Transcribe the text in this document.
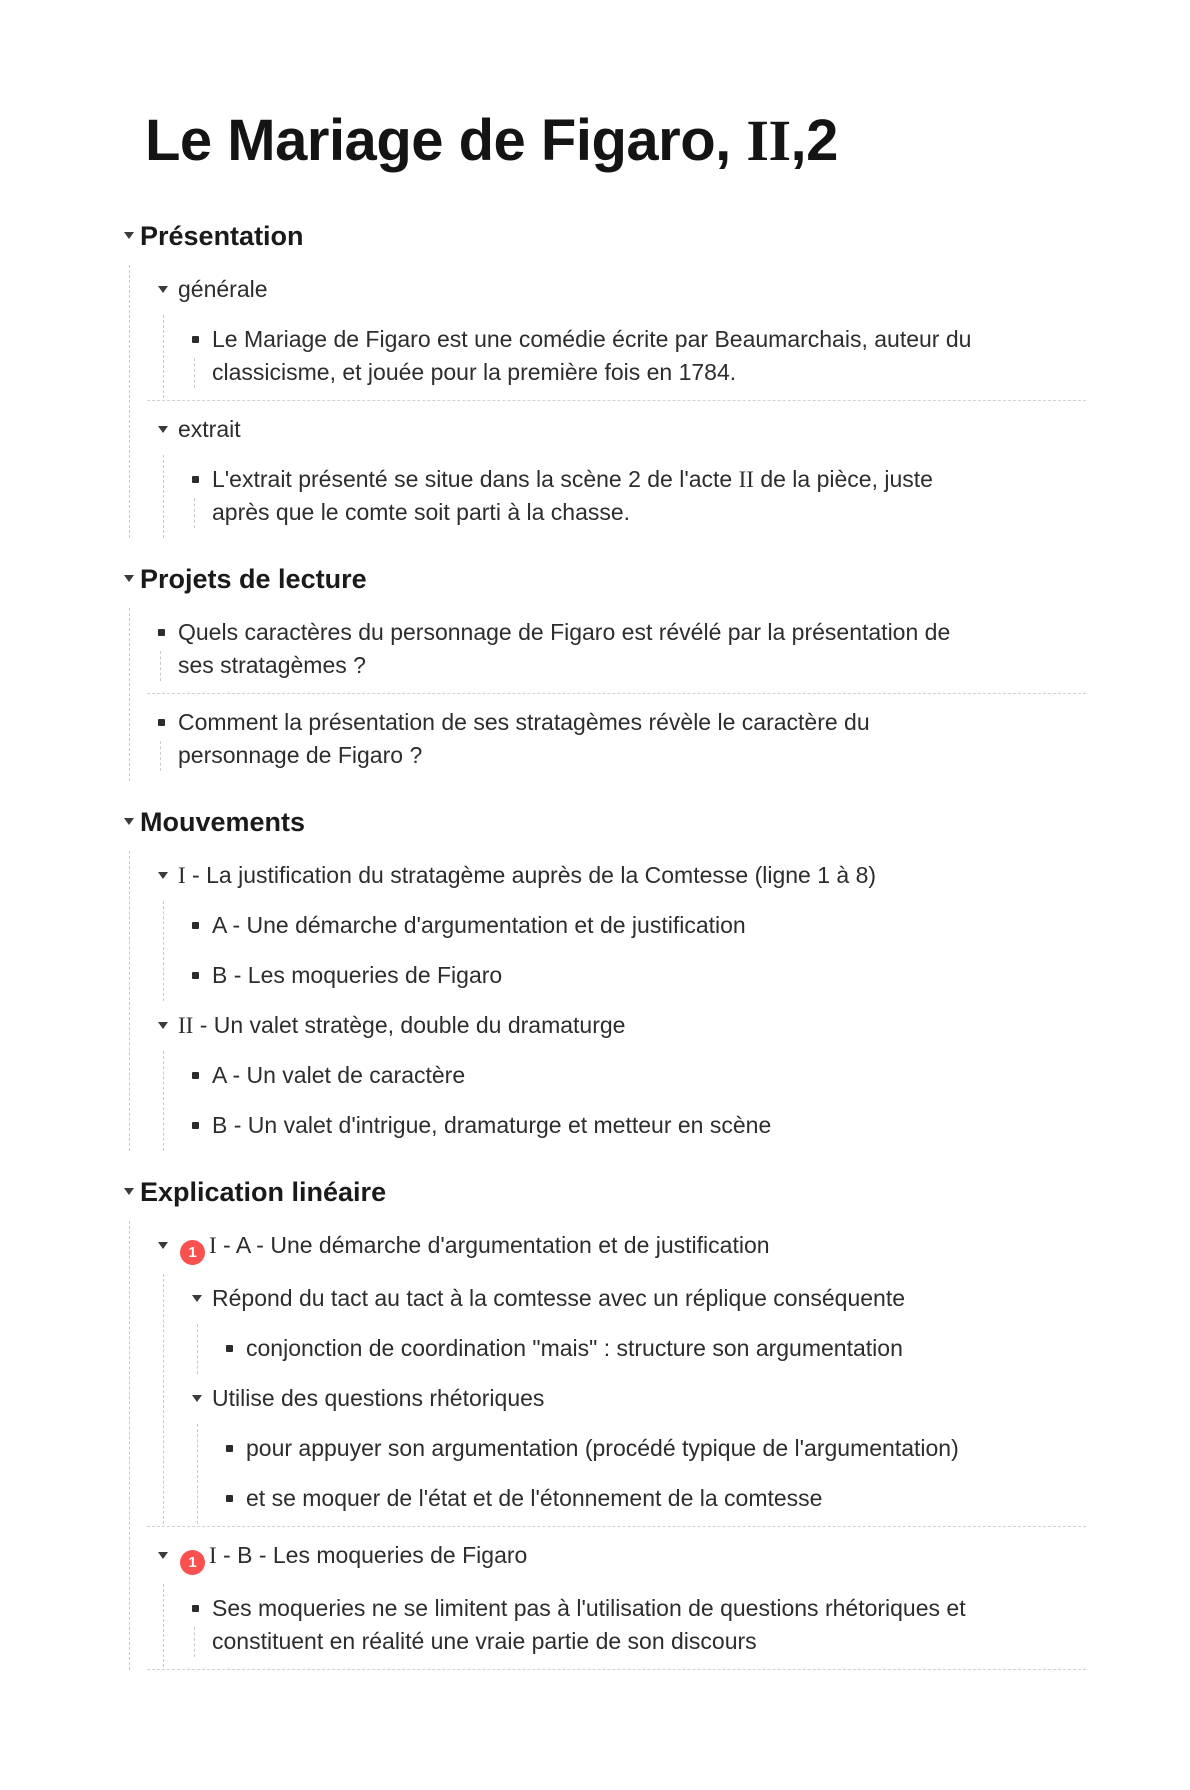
Le Mariage de Figaro, II,2
Présentation
générale
Le Mariage de Figaro est une comédie écrite par Beaumarchais, auteur du
classicisme, et jouée pour la première fois en 1784.
extrait
L'extrait présenté se situe dans la scène 2 de l'acte II de la pièce, juste
après que le comte soit parti à la chasse.
Projets de lecture
Quels caractères du personnage de Figaro est révélé par la présentation de
ses stratagèmes ?
Comment la présentation de ses stratagèmes révèle le caractère du
personnage de Figaro ?
Mouvements
I - La justification du stratagème auprès de la Comtesse (ligne 1 à 8)
A - Une démarche d'argumentation et de justification
B - Les moqueries de Figaro
II - Un valet stratège, double du dramaturge
A - Un valet de caractère
B - Un valet d'intrigue, dramaturge et metteur en scène
Explication linéaire
1 I - A - Une démarche d'argumentation et de justification
Répond du tact au tact à la comtesse avec un réplique conséquente
conjonction de coordination "mais" : structure son argumentation
Utilise des questions rhétoriques
pour appuyer son argumentation (procédé typique de l'argumentation)
et se moquer de l'état et de l'étonnement de la comtesse
1 I - B - Les moqueries de Figaro
Ses moqueries ne se limitent pas à l'utilisation de questions rhétoriques et
constituent en réalité une vraie partie de son discours
